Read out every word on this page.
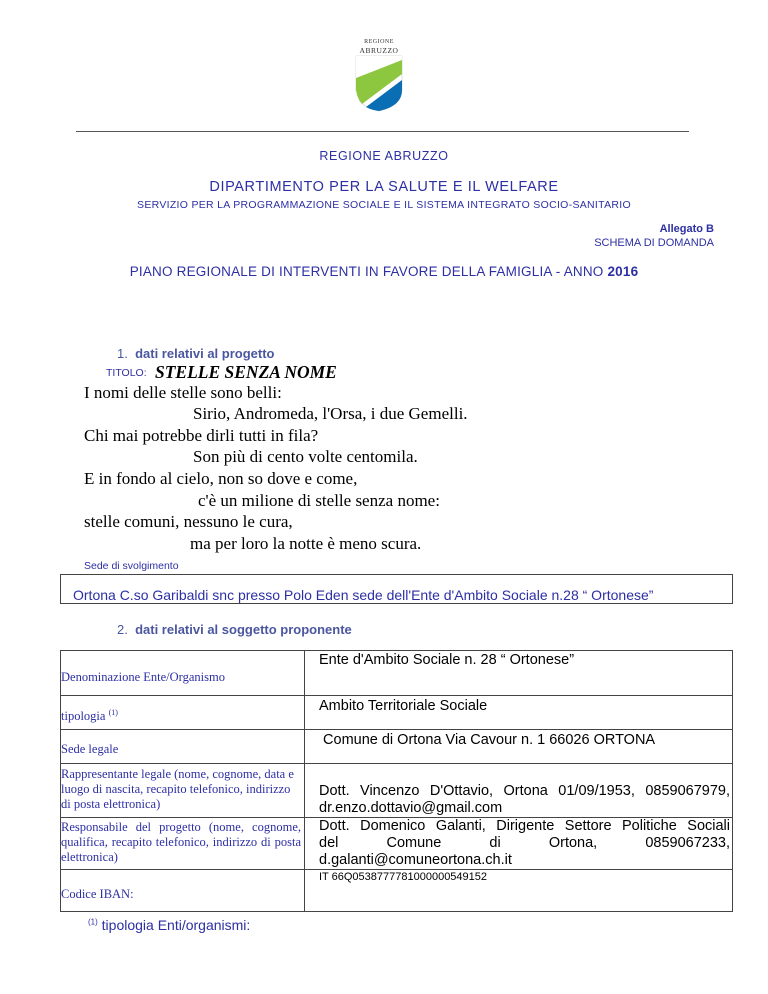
REGIONE
ABRUZZO
REGIONE ABRUZZO
DIPARTIMENTO PER LA SALUTE E IL WELFARE
SERVIZIO PER LA PROGRAMMAZIONE SOCIALE E IL SISTEMA INTEGRATO SOCIO-SANITARIO
Allegato B
SCHEMA DI DOMANDA
PIANO REGIONALE DI INTERVENTI IN FAVORE DELLA FAMIGLIA - ANNO 2016
1. dati relativi al progetto
TITOLO: STELLE SENZA NOME
I nomi delle stelle sono belli:
Sirio, Andromeda, l'Orsa, i due Gemelli.
Chi mai potrebbe dirli tutti in fila?
Son più di cento volte centomila.
E in fondo al cielo, non so dove e come,
c'è un milione di stelle senza nome:
stelle comuni, nessuno le cura,
ma per loro la notte è meno scura.
Sede di svolgimento
Ortona C.so Garibaldi snc presso Polo Eden sede dell'Ente d'Ambito Sociale n.28 “ Ortonese”
2. dati relativi al soggetto proponente
Denominazione Ente/Organismo	Ente d'Ambito Sociale n. 28 “ Ortonese”

tipologia $^{(1)}$	Ambito Territoriale Sociale

Sede legale	Comune di Ortona Via Cavour n. 1 66026 ORTONA

Rappresentante legale (nome, cognome, data e luogo di nascita, recapito telefonico, indirizzo di posta elettronica)	Dott. Vincenzo D'Ottavio, Ortona 01/09/1953, 0859067979,
dr.enzo.dottavio@gmail.com

Responsabile del progetto (nome, cognome, qualifica, recapito telefonico, indirizzo di posta elettronica)	Dott. Domenico Galanti, Dirigente Settore Politiche Sociali
del Comune di Ortona, 0859067233,
d.galanti@comuneortona.ch.it

Codice IBAN:	IT 66Q0538777781000000549152
$^{(1)}$ tipologia Enti/organismi:
